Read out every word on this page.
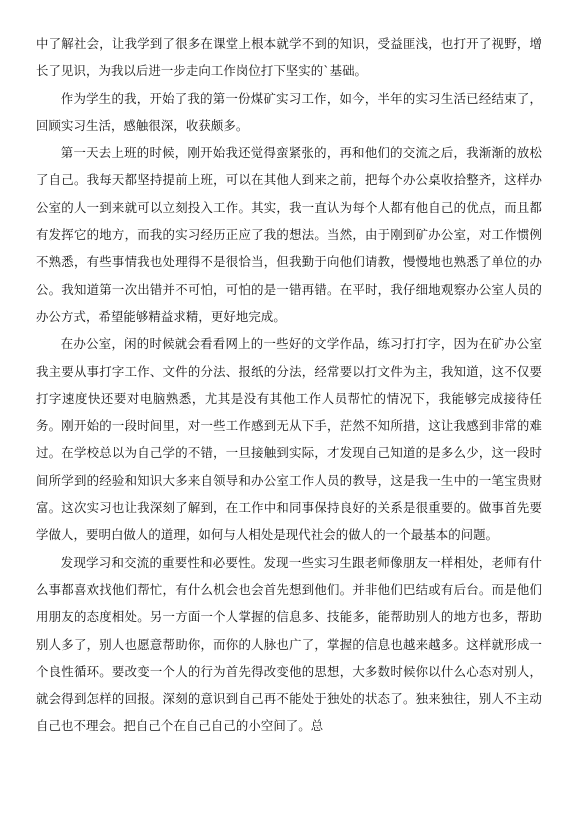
中了解社会，让我学到了很多在课堂上根本就学不到的知识，受益匪浅，也打开了视野，增长了见识，为我以后进一步走向工作岗位打下坚实的`基础。

作为学生的我，开始了我的第一份煤矿实习工作，如今，半年的实习生活已经结束了，回顾实习生活，感触很深，收获颇多。

第一天去上班的时候，刚开始我还觉得蛮紧张的，再和他们的交流之后，我渐渐的放松了自己。我每天都坚持提前上班，可以在其他人到来之前，把每个办公桌收拾整齐，这样办公室的人一到来就可以立刻投入工作。其实，我一直认为每个人都有他自己的优点，而且都有发挥它的地方，而我的实习经历正应了我的想法。当然，由于刚到矿办公室，对工作惯例不熟悉，有些事情我也处理得不是很恰当，但我勤于向他们请教，慢慢地也熟悉了单位的办公。我知道第一次出错并不可怕，可怕的是一错再错。在平时，我仔细地观察办公室人员的办公方式，希望能够精益求精，更好地完成。

在办公室，闲的时候就会看看网上的一些好的文学作品，练习打打字，因为在矿办公室我主要从事打字工作、文件的分法、报纸的分法，经常要以打文件为主，我知道，这不仅要打字速度快还要对电脑熟悉，尤其是没有其他工作人员帮忙的情况下，我能够完成接待任务。刚开始的一段时间里，对一些工作感到无从下手，茫然不知所措，这让我感到非常的难过。在学校总以为自己学的不错，一旦接触到实际，才发现自己知道的是多么少，这一段时间所学到的经验和知识大多来自领导和办公室工作人员的教导，这是我一生中的一笔宝贵财富。这次实习也让我深刻了解到，在工作中和同事保持良好的关系是很重要的。做事首先要学做人，要明白做人的道理，如何与人相处是现代社会的做人的一个最基本的问题。

发现学习和交流的重要性和必要性。发现一些实习生跟老师像朋友一样相处，老师有什么事都喜欢找他们帮忙，有什么机会也会首先想到他们。并非他们巴结或有后台。而是他们用朋友的态度相处。另一方面一个人掌握的信息多、技能多，能帮助别人的地方也多，帮助别人多了，别人也愿意帮助你，而你的人脉也广了，掌握的信息也越来越多。这样就形成一个良性循环。要改变一个人的行为首先得改变他的思想，大多数时候你以什么心态对别人，就会得到怎样的回报。深刻的意识到自己再不能处于独处的状态了。独来独往，别人不主动自己也不理会。把自己个在自己自己的小空间了。总
